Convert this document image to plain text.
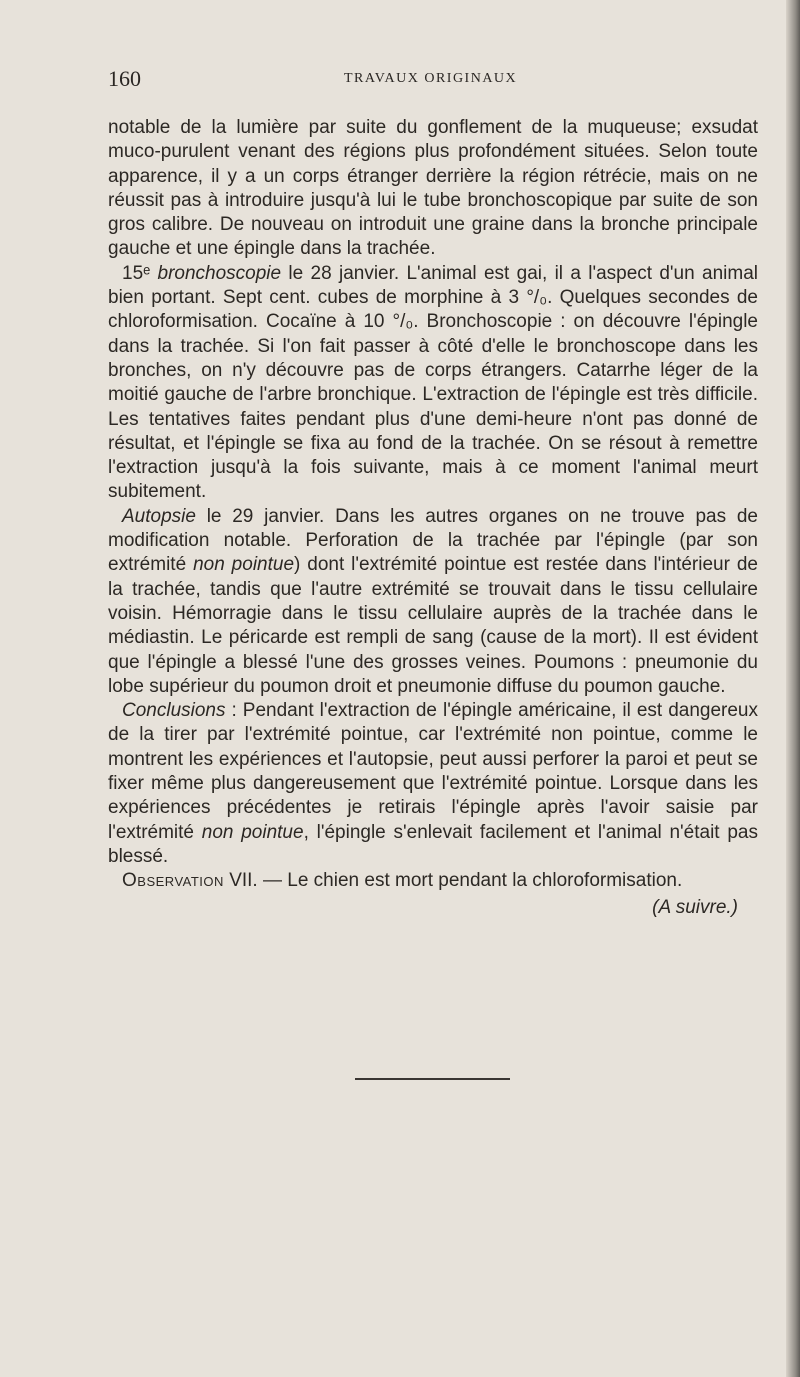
160	TRAVAUX ORIGINAUX

notable de la lumière par suite du gonflement de la muqueuse; exsudat muco-purulent venant des régions plus profondément situées. Selon toute apparence, il y a un corps étranger derrière la région rétrécie, mais on ne réussit pas à introduire jusqu'à lui le tube bronchoscopique par suite de son gros calibre. De nouveau on introduit une graine dans la bronche principale gauche et une épingle dans la trachée.

15ᵉ bronchoscopie le 28 janvier. L'animal est gai, il a l'aspect d'un animal bien portant. Sept cent. cubes de morphine à 3 °/₀. Quelques secondes de chloroformisation. Cocaïne à 10 °/₀. Bronchoscopie : on découvre l'épingle dans la trachée. Si l'on fait passer à côté d'elle le bronchoscope dans les bronches, on n'y découvre pas de corps étrangers. Catarrhe léger de la moitié gauche de l'arbre bronchique. L'extraction de l'épingle est très difficile. Les tentatives faites pendant plus d'une demi-heure n'ont pas donné de résultat, et l'épingle se fixa au fond de la trachée. On se résout à remettre l'extraction jusqu'à la fois suivante, mais à ce moment l'animal meurt subitement.

Autopsie le 29 janvier. Dans les autres organes on ne trouve pas de modification notable. Perforation de la trachée par l'épingle (par son extrémité non pointue) dont l'extrémité pointue est restée dans l'intérieur de la trachée, tandis que l'autre extrémité se trouvait dans le tissu cellulaire voisin. Hémorragie dans le tissu cellulaire auprès de la trachée dans le médiastin. Le péricarde est rempli de sang (cause de la mort). Il est évident que l'épingle a blessé l'une des grosses veines. Poumons : pneumonie du lobe supérieur du poumon droit et pneumonie diffuse du poumon gauche.

Conclusions : Pendant l'extraction de l'épingle américaine, il est dangereux de la tirer par l'extrémité pointue, car l'extrémité non pointue, comme le montrent les expériences et l'autopsie, peut aussi perforer la paroi et peut se fixer même plus dangereusement que l'extrémité pointue. Lorsque dans les expériences précédentes je retirais l'épingle après l'avoir saisie par l'extrémité non pointue, l'épingle s'enlevait facilement et l'animal n'était pas blessé.

Observation VII. — Le chien est mort pendant la chloroformisation.

(A suivre.)
